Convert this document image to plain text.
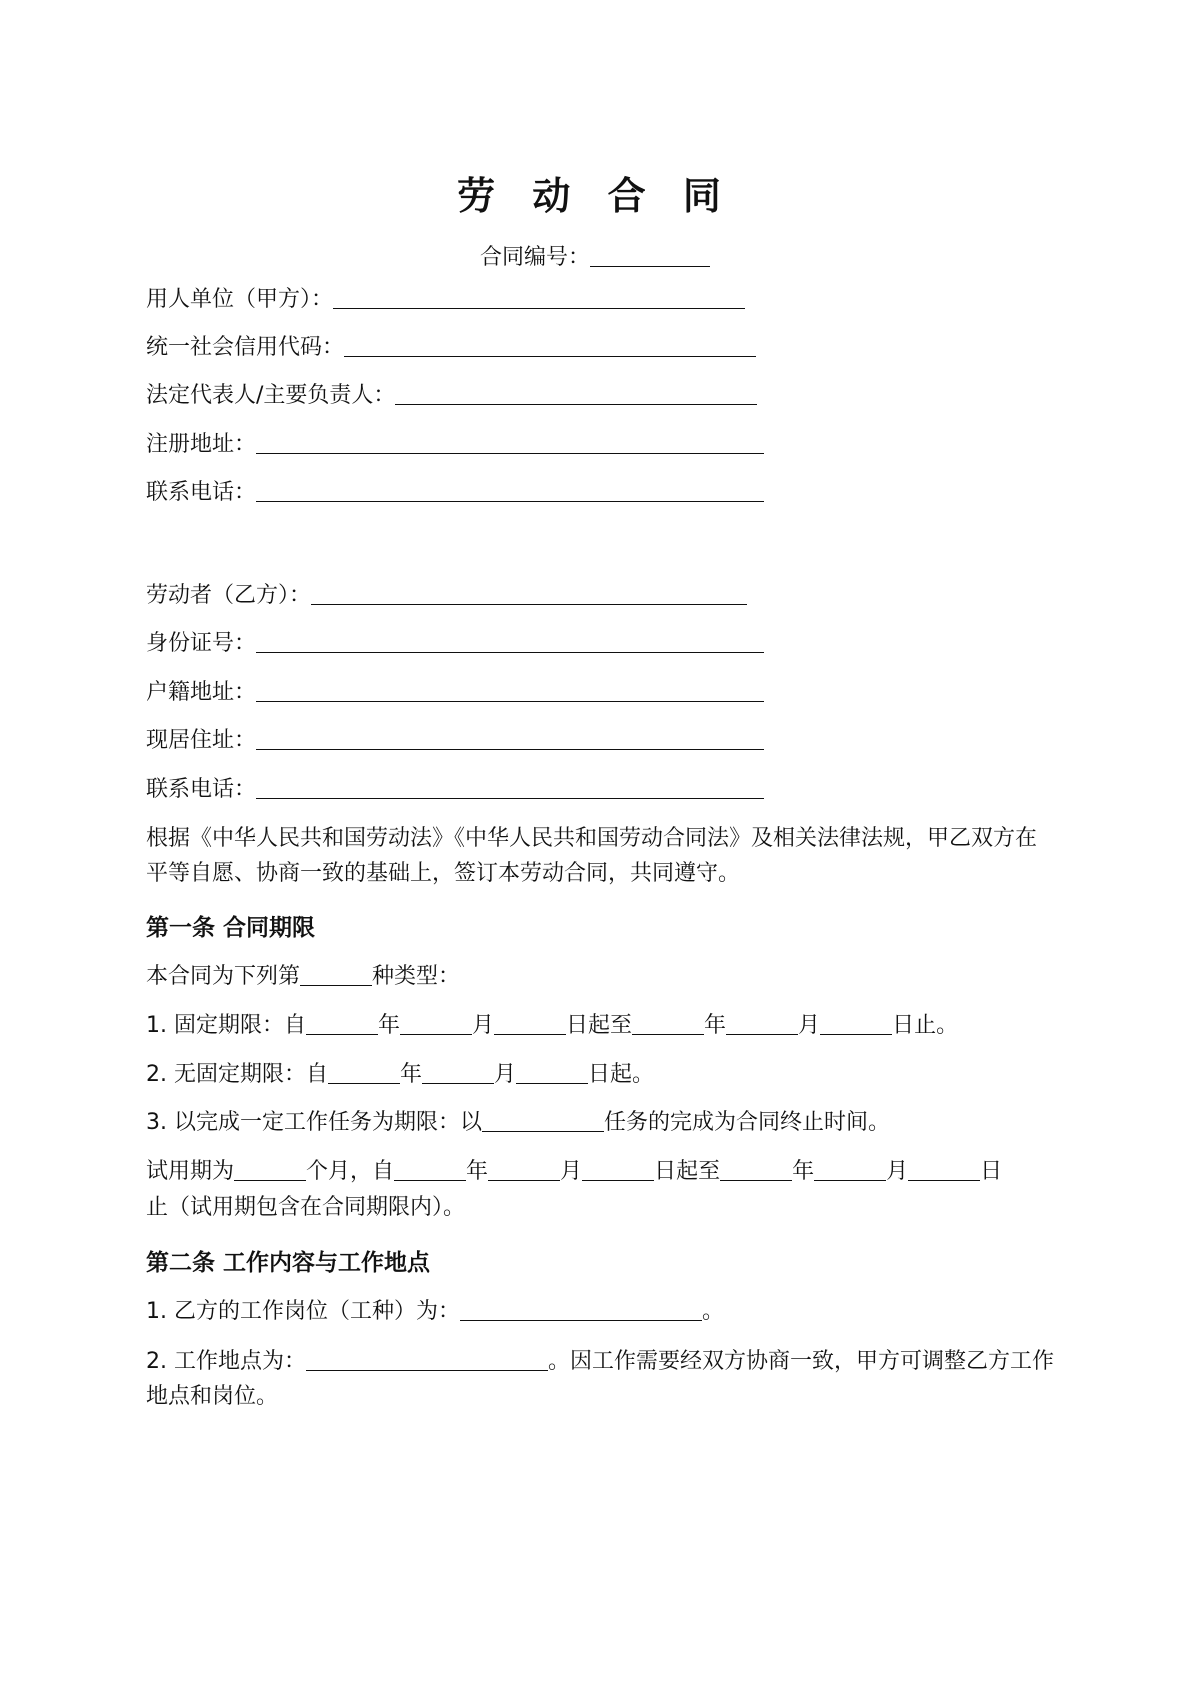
劳 动 合 同
合同编号：
用人单位（甲方）：
统一社会信用代码：
法定代表人/主要负责人：
注册地址：
联系电话：
劳动者（乙方）：
身份证号：
户籍地址：
现居住址：
联系电话：
根据《中华人民共和国劳动法》《中华人民共和国劳动合同法》及相关法律法规，甲乙双方在平等自愿、协商一致的基础上，签订本劳动合同，共同遵守。
第一条 合同期限
本合同为下列第	种类型：
1. 固定期限：自	年	月	日起至	年	月	日止。
2. 无固定期限：自	年	月	日起。
3. 以完成一定工作任务为期限：以	任务的完成为合同终止时间。
试用期为	个月，自	年	月	日起至	年	月	日
止（试用期包含在合同期限内）。
第二条 工作内容与工作地点
1. 乙方的工作岗位（工种）为：	。
2. 工作地点为：	。因工作需要经双方协商一致，甲方可调整乙方工作地点和岗位。
